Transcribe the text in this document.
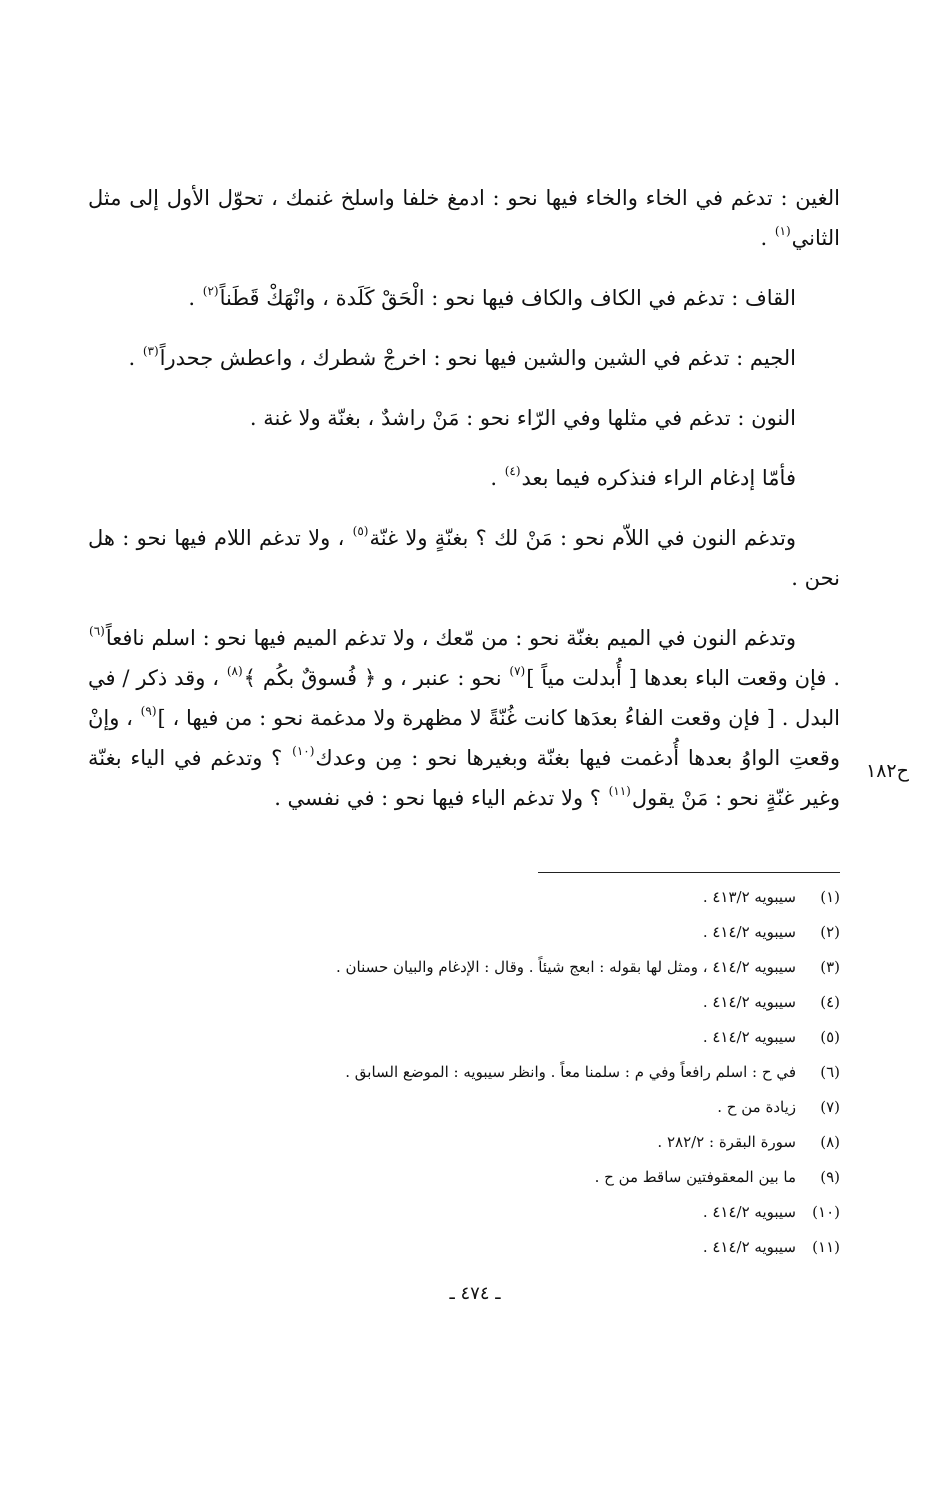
الغين : تدغم في الخاء والخاء فيها نحو : ادمغ خلفا واسلخ غنمك ، تحوّل الأول إلى مثل الثاني$^{(١)}$ .

القاف : تدغم في الكاف والكاف فيها نحو : الْحَقْ كَلَدة ، وانْهَكْ قَطَناً$^{(٢)}$ .

الجيم : تدغم في الشين والشين فيها نحو : اخرجْ شطرك ، واعطش جحدراً$^{(٣)}$ .

النون : تدغم في مثلها وفي الرّاء نحو : مَنْ راشدٌ ، بغنّة ولا غنة .

فأمّا إدغام الراء فنذكره فيما بعد$^{(٤)}$ .

وتدغم النون في اللاّم نحو : مَنْ لك ؟ بغنّةٍ ولا غنّة$^{(٥)}$ ، ولا تدغم اللام فيها نحو : هل نحن .

وتدغم النون في الميم بغنّة نحو : من مّعك ، ولا تدغم الميم فيها نحو : اسلم نافعاً$^{(٦)}$ . فإن وقعت الباء بعدها [ أُبدلت مياً ]$^{(٧)}$ نحو : عنبر ، و ﴿ فُسوقٌ بكُم ﴾$^{(٨)}$ ، وقد ذكر / في البدل . [ فإن وقعت الفاءُ بعدَها كانت غُنّةً لا مظهرة ولا مدغمة نحو : من فيها ، ]$^{(٩)}$ ، وإنْ وقعتِ الواوُ بعدها أُدغمت فيها بغنّة وبغيرها نحو : مِن وعدك$^{(١٠)}$ ؟ وتدغم في الياء بغنّة وغير غنّةٍ نحو : مَنْ يقول$^{(١١)}$ ؟ ولا تدغم الياء فيها نحو : في نفسي .

ح١٨٢
(١)
سيبويه ٤١٣/٢ .
(٢)
سيبويه ٤١٤/٢ .
(٣)
سيبويه ٤١٤/٢ ، ومثل لها بقوله : ابعج شيئاً . وقال : الإدغام والبيان حسنان .
(٤)
سيبويه ٤١٤/٢ .
(٥)
سيبويه ٤١٤/٢ .
(٦)
في ح : اسلم رافعاً وفي م : سلمنا معاً . وانظر سيبويه : الموضع السابق .
(٧)
زيادة من ح .
(٨)
سورة البقرة : ٢٨٢/٢ .
(٩)
ما بين المعقوفتين ساقط من ح .
(١٠)
سيبويه ٤١٤/٢ .
(١١)
سيبويه ٤١٤/٢ .
ـ ٤٧٤ ـ
